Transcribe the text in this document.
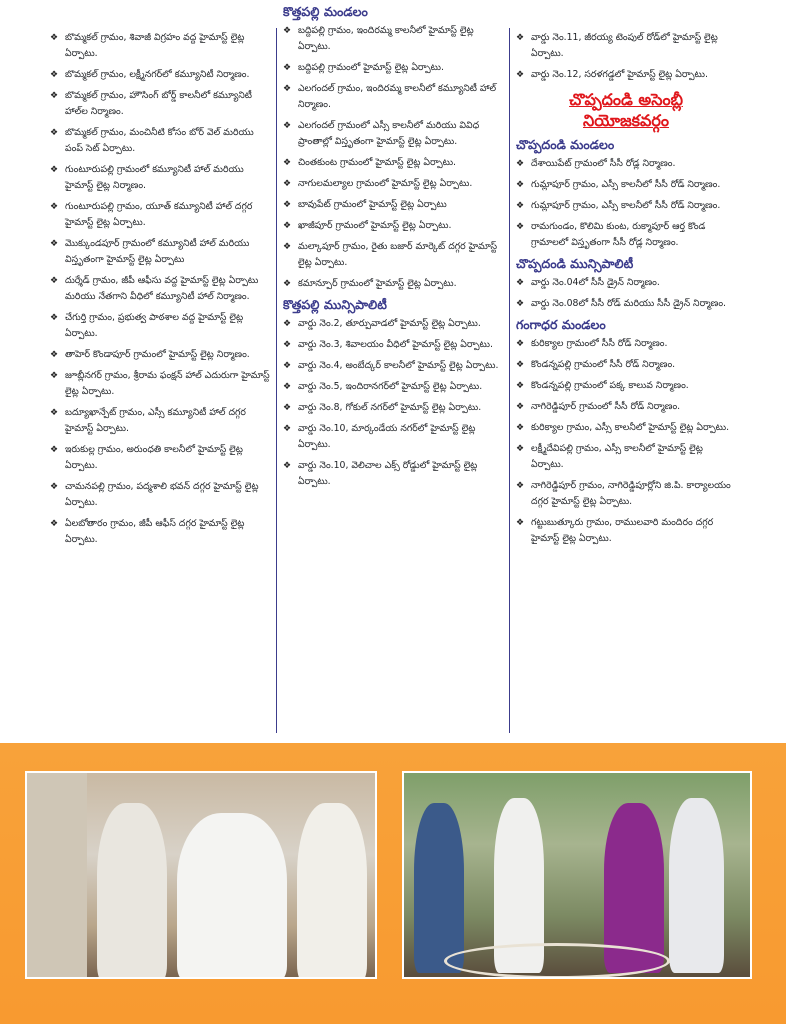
❖ బొమ్మకల్ గ్రామం, శివాజీ విగ్రహం వద్ద హైమాస్ట్ లైట్ల ఏర్పాటు.
❖ బొమ్మకల్ గ్రామం, లక్ష్మీనగర్‌లో కమ్యూనిటీ నిర్మాణం.
❖ బొమ్మకల్ గ్రామం, హౌసింగ్ బోర్డ్ కాలనీలో కమ్యూనిటీ హాల్‌ల నిర్మాణం.
❖ బొమ్మకల్ గ్రామం, మంచినీటి కోసం బోర్ వెల్ మరియు పంప్ సెట్ ఏర్పాటు.
❖ గుంటూరుపల్లి గ్రామంలో కమ్యూనిటీ హాల్ మరియు హైమాస్ట్ లైట్ల నిర్మాణం.
❖ గుంటూరుపల్లి గ్రామం, యూత్ కమ్యూనిటీ హాల్ దగ్గర హైమాస్ట్ లైట్ల ఏర్పాటు.
❖ మొక్కుండపూర్ గ్రామంలో కమ్యూనిటీ హాల్ మరియు విస్తృతంగా హైమాస్ట్ లైట్ల ఏర్పాటు
❖ దుర్శేడ్ గ్రామం, జీపీ ఆఫీసు వద్ద హైమాస్ట్ లైట్ల ఏర్పాటు మరియు నేతగాని వీధిలో కమ్యూనిటీ హాల్ నిర్మాణం.
❖ చేగుర్తి గ్రామం, ప్రభుత్వ పాఠశాల వద్ద హైమాస్ట్ లైట్ల ఏర్పాటు.
❖ తాహెర్ కొండాపూర్ గ్రామంలో హైమాస్ట్ లైట్ల నిర్మాణం.
❖ జూబ్లీనగర్ గ్రామం, శ్రీరామ ఫంక్షన్ హాల్ ఎదురుగా హైమాస్ట్ లైట్ల ఏర్పాటు.
❖ బద్యూఖాన్పేట్ గ్రామం, ఎస్సీ కమ్యూనిటీ హాల్ దగ్గర హైమాస్ట్ ఏర్పాటు.
❖ ఇరుకుల్ల గ్రామం, అరుంధతి కాలనీలో హైమాస్ట్ లైట్ల ఏర్పాటు.
❖ చామనపల్లి గ్రామం, పద్మశాలి భవన్ దగ్గర హైమాస్ట్ లైట్ల ఏర్పాటు.
❖ ఏలబోతారం గ్రామం, జీపీ ఆఫీస్ దగ్గర హైమాస్ట్ లైట్ల ఏర్పాటు.
కొత్తపల్లి మండలం
❖ బద్దిపల్లి గ్రామం, ఇందిరమ్మ కాలనీలో హైమాస్ట్ లైట్ల ఏర్పాటు.
❖ బద్దిపల్లి గ్రామంలో హైమాస్ట్ లైట్ల ఏర్పాటు.
❖ ఎలగందల్ గ్రామం, ఇందిరమ్మ కాలనీలో కమ్యూనిటీ హాల్ నిర్మాణం.
❖ ఎలగందల్ గ్రామంలో ఎస్సీ కాలనీలో మరియు వివిధ ప్రాంతాల్లో విస్తృతంగా హైమాస్ట్ లైట్ల ఏర్పాటు.
❖ చింతకుంట గ్రామంలో హైమాస్ట్ లైట్ల ఏర్పాటు.
❖ నాగులమల్యాల గ్రామంలో హైమాస్ట్ లైట్ల ఏర్పాటు.
❖ బావుపేట్ గ్రామంలో హైమాస్ట్ లైట్ల ఏర్పాటు
❖ ఖాజీపూర్ గ్రామంలో హైమాస్ట్ లైట్ల ఏర్పాటు.
❖ మల్కాపూర్ గ్రామం, రైతు బజార్ మార్కెట్ దగ్గర హైమాస్ట్ లైట్ల ఏర్పాటు.
❖ కమాన్పూర్ గ్రామంలో హైమాస్ట్ లైట్ల ఏర్పాటు.
కొత్తపల్లి మున్సిపాలిటీ
❖ వార్డు నెం.2, తూర్పువాడలో హైమాస్ట్ లైట్ల ఏర్పాటు.
❖ వార్డు నెం.3, శివాలయం వీధిలో హైమాస్ట్ లైట్ల ఏర్పాటు.
❖ వార్డు నెం.4, అంబేద్కర్ కాలనీలో హైమాస్ట్ లైట్ల ఏర్పాటు.
❖ వార్డు నెం.5, ఇందిరానగర్‌లో హైమాస్ట్ లైట్ల ఏర్పాటు.
❖ వార్డు నెం.8, గోకుల్ నగర్‌లో హైమాస్ట్ లైట్ల ఏర్పాటు.
❖ వార్డు నెం.10, మార్కండేయ నగర్‌లో హైమాస్ట్ లైట్ల ఏర్పాటు.
❖ వార్డు నెం.10, వెలిచాల ఎక్స్ రోడ్డులో హైమాస్ట్ లైట్ల ఏర్పాటు.
❖ వార్డు నెం.11, జీరయ్య టెంపుల్ రోడ్‌లో హైమాస్ట్ లైట్ల ఏర్పాటు.
❖ వార్డు నెం.12, సరళగడ్డలో హైమాస్ట్ లైట్ల ఏర్పాటు.
చొప్పదండి అసెంబ్లీ
నియోజకవర్గం
చొప్పదండి మండలం
❖ దేశాయిపేట్ గ్రామంలో సీసీ రోడ్ల నిర్మాణం.
❖ గుమ్లాపూర్ గ్రామం, ఎస్సీ కాలనీలో సీసీ రోడ్ నిర్మాణం.
❖ గుమ్లాపూర్ గ్రామం, ఎస్సీ కాలనీలో సీసీ రోడ్ నిర్మాణం.
❖ రామగుండం, కొలిమి కుంట, రుక్మాపూర్ ఆర్త కొండ గ్రామాలలో విస్తృతంగా సీసీ రోడ్ల నిర్మాణం.
చొప్పదండి మున్సిపాలిటీ
❖ వార్డు నెం.04లో సీసీ డ్రైన్ నిర్మాణం.
❖ వార్డు నెం.08లో సీసీ రోడ్ మరియు సీసీ డ్రైన్ నిర్మాణం.
గంగాధర మండలం
❖ కురిక్యాల గ్రామంలో సీసీ రోడ్ నిర్మాణం.
❖ కొండన్నపల్లి గ్రామంలో సీసీ రోడ్ నిర్మాణం.
❖ కొండన్నపల్లి గ్రామంలో పక్క కాలువ నిర్మాణం.
❖ నాగిరెడ్డిపూర్ గ్రామంలో సీసీ రోడ్ నిర్మాణం.
❖ కురిక్యాల గ్రామం, ఎస్సీ కాలనీలో హైమాస్ట్ లైట్ల ఏర్పాటు.
❖ లక్ష్మీదేవిపల్లి గ్రామం, ఎస్సీ కాలనీలో హైమాస్ట్ లైట్ల ఏర్పాటు.
❖ నాగిరెడ్డిపూర్ గ్రామం, నాగిరెడ్డిపూర్లోని జి.పి. కార్యాలయం దగ్గర హైమాస్ట్ లైట్ల ఏర్పాటు.
❖ గట్టుబుత్కూరు గ్రామం, రాములవారి మందిరం దగ్గర హైమాస్ట్ లైట్ల ఏర్పాటు.
